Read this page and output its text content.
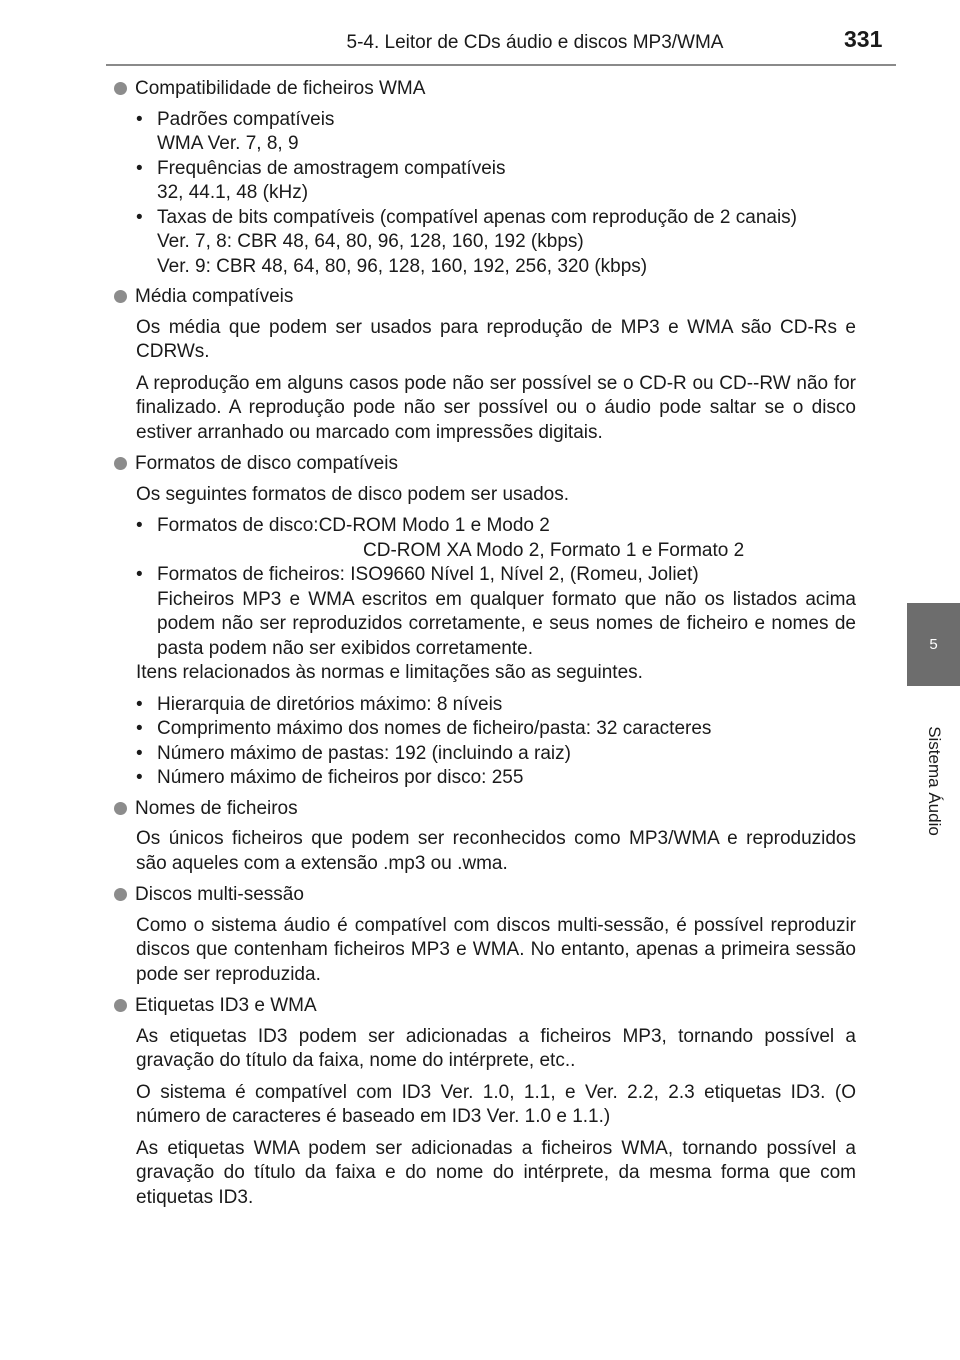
5-4. Leitor de CDs áudio e discos MP3/WMA	331
5
Sistema Áudio
Compatibilidade de ficheiros WMA
• Padrões compatíveis
WMA Ver. 7, 8, 9
• Frequências de amostragem compatíveis
32, 44.1, 48 (kHz)
• Taxas de bits compatíveis (compatível apenas com reprodução de 2 canais)
Ver. 7, 8: CBR 48, 64, 80, 96, 128, 160, 192 (kbps)
Ver. 9: CBR 48, 64, 80, 96, 128, 160, 192, 256, 320 (kbps)
Média compatíveis
Os média que podem ser usados para reprodução de MP3 e WMA são CD-Rs e CDRWs.
A reprodução em alguns casos pode não ser possível se o CD-R ou CD--RW não for finalizado. A reprodução pode não ser possível ou o áudio pode saltar se o disco estiver arranhado ou marcado com impressões digitais.
Formatos de disco compatíveis
Os seguintes formatos de disco podem ser usados.
• Formatos de disco:CD-ROM Modo 1 e Modo 2
CD-ROM XA Modo 2, Formato 1 e Formato 2
• Formatos de ficheiros: ISO9660 Nível 1, Nível 2, (Romeu, Joliet)
Ficheiros MP3 e WMA escritos em qualquer formato que não os listados acima podem não ser reproduzidos corretamente, e seus nomes de ficheiro e nomes de pasta podem não ser exibidos corretamente.
Itens relacionados às normas e limitações são as seguintes.
• Hierarquia de diretórios máximo: 8 níveis
• Comprimento máximo dos nomes de ficheiro/pasta: 32 caracteres
• Número máximo de pastas: 192 (incluindo a raiz)
• Número máximo de ficheiros por disco: 255
Nomes de ficheiros
Os únicos ficheiros que podem ser reconhecidos como MP3/WMA e reproduzidos são aqueles com a extensão .mp3 ou .wma.
Discos multi-sessão
Como o sistema áudio é compatível com discos multi-sessão, é possível reproduzir discos que contenham ficheiros MP3 e WMA. No entanto, apenas a primeira sessão pode ser reproduzida.
Etiquetas ID3 e WMA
As etiquetas ID3 podem ser adicionadas a ficheiros MP3, tornando possível a gravação do título da faixa, nome do intérprete, etc..
O sistema é compatível com ID3 Ver. 1.0, 1.1, e Ver. 2.2, 2.3 etiquetas ID3. (O número de caracteres é baseado em ID3 Ver. 1.0 e 1.1.)
As etiquetas WMA podem ser adicionadas a ficheiros WMA, tornando possível a gravação do título da faixa e do nome do intérprete, da mesma forma que com etiquetas ID3.
